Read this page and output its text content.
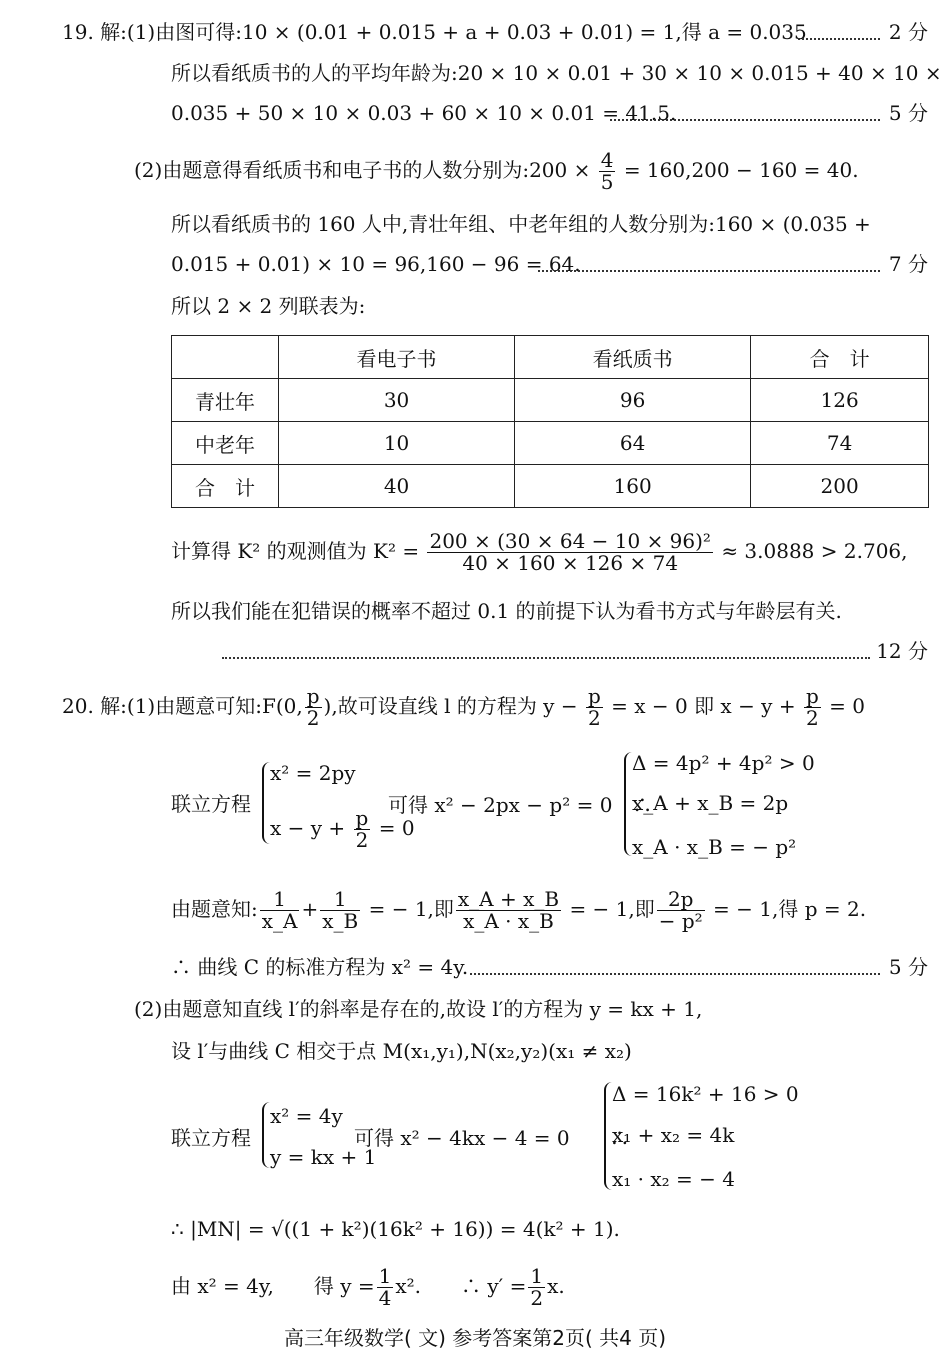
19. 解:(1)由图可得:10 × (0.01 + 0.015 + a + 0.03 + 0.01) = 1,得 a = 0.035	2 分
所以看纸质书的人的平均年龄为:20 × 10 × 0.01 + 30 × 10 × 0.015 + 40 × 10 ×
0.035 + 50 × 10 × 0.03 + 60 × 10 × 0.01 = 41.5.	5 分
(2)由题意得看纸质书和电子书的人数分别为:200 × $\frac{4}{5} = 160,200 - 160 = 40$.
所以看纸质书的 160 人中,青壮年组、中老年组的人数分别为:160 × (0.035 +
0.015 + 0.01) × 10 = 96,160 − 96 = 64.	7 分
所以 2 × 2 列联表为:
	看电子书	看纸质书	合　计
青壮年	30	96	126
中老年	10	64	74
合　计	40	160	200
计算得 K² 的观测值为 $K^2 = \frac{\text{200 × (30 × 64 − 10 × 96)²}}{40 \times 160 \times 126 \times 74} \approx 3.0888 > 2.706$,
所以我们能在犯错误的概率不超过 0.1 的前提下认为看书方式与年龄层有关.
12 分
20. 解:(1)由题意可知:F(0, $\frac{p}{2}$ ),故可设直线 l 的方程为 $y - \frac{p}{2} = x - 0$ 即 $x - y + \frac{p}{2} = 0$
联立方程
x² = 2py
$x - y + \frac{p}{2} = 0$
可得 x² − 2px − p² = 0　∴
Δ = 4p² + 4p² > 0
x_A + x_B = 2p
x_A · x_B = − p²
由题意知: $\frac{1}{x\_A} + \frac{1}{x\_B}$ = − 1,即 $\frac{x\_A + x\_B}{x\_A \cdot x\_B}$ = − 1,即 $\frac{2p}{\text{− p²}}$ = − 1,得 p = 2.
∴ 曲线 C 的标准方程为 x² = 4y.	5 分
(2)由题意知直线 l′的斜率是存在的,故设 l′的方程为 y = kx + 1,
设 l′与曲线 C 相交于点 M(x₁,y₁),N(x₂,y₂)(x₁ ≠ x₂)
联立方程
x² = 4y
y = kx + 1
可得 x² − 4kx − 4 = 0　　∴
Δ = 16k² + 16 > 0
x₁ + x₂ = 4k
x₁ · x₂ = − 4
∴ |MN| = √((1 + k²)(16k² + 16)) = 4(k² + 1).
由 x² = 4y,　　得 $y = \frac{1}{4} x^2$.　　∴ $y' = \frac{1}{2} x$.
高三年级数学( 文) 参考答案第2页( 共4 页)
